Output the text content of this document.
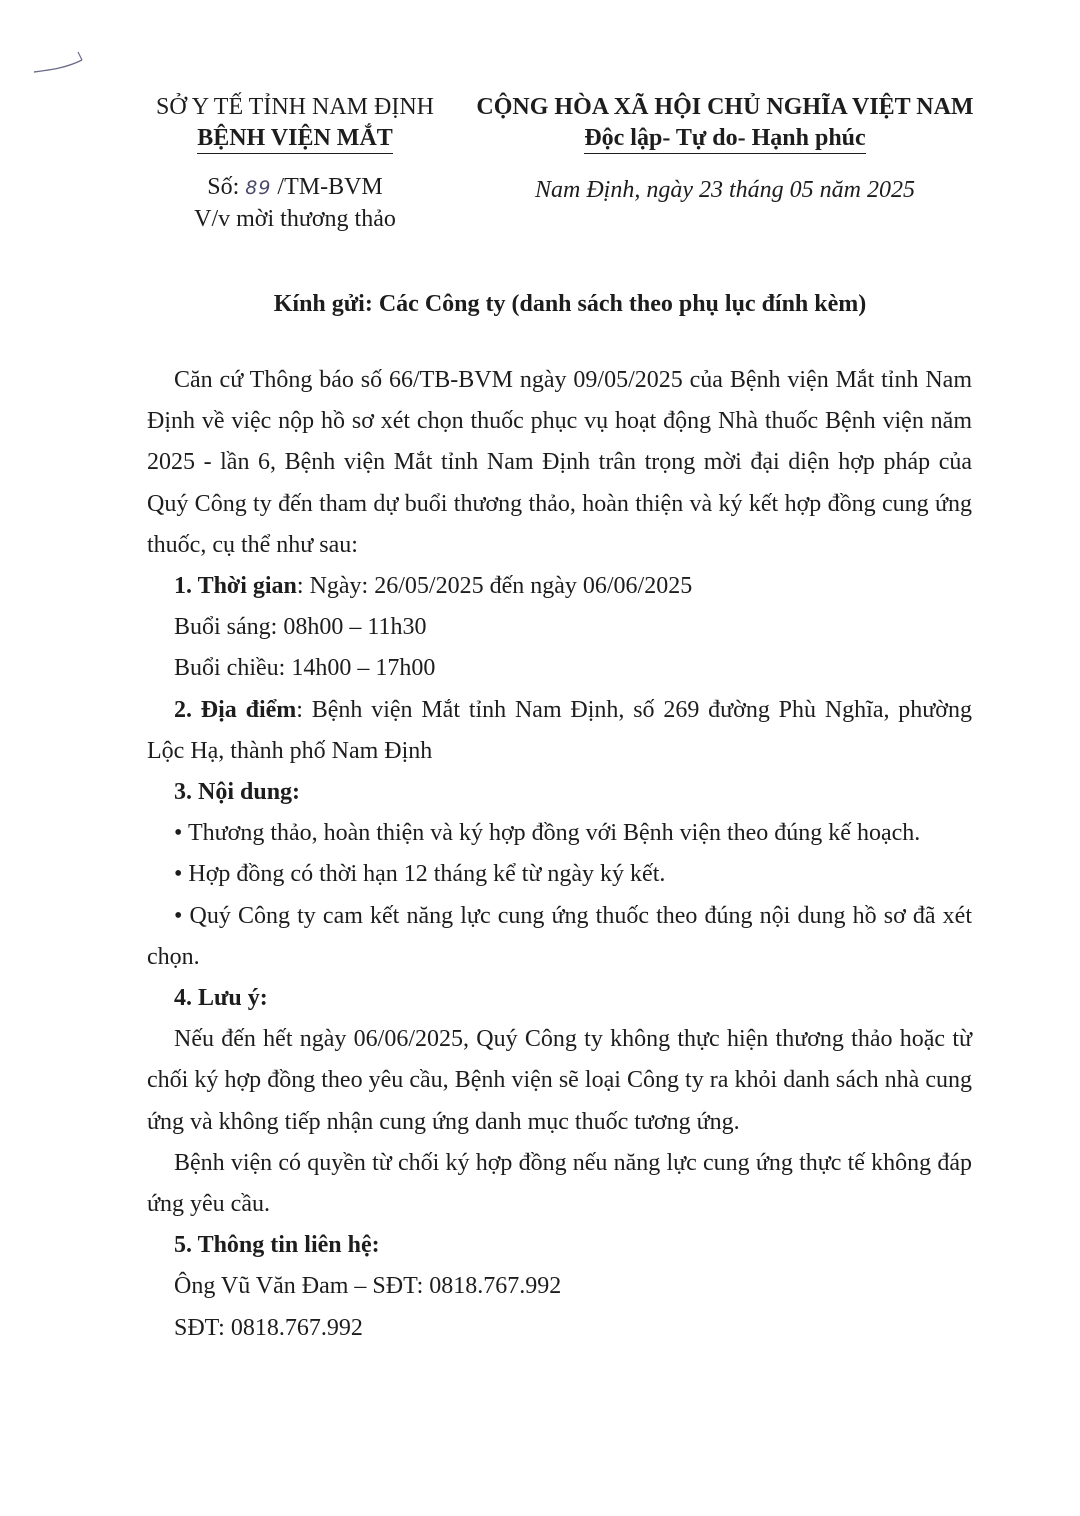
SỞ Y TẾ TỈNH NAM ĐỊNH
BỆNH VIỆN MẮT
CỘNG HÒA XÃ HỘI CHỦ NGHĨA VIỆT NAM
Độc lập- Tự do- Hạnh phúc
Số: 89 /TM-BVM
V/v mời thương thảo
Nam Định, ngày 23 tháng 05 năm 2025
Kính gửi: Các Công ty (danh sách theo phụ lục đính kèm)

Căn cứ Thông báo số 66/TB-BVM ngày 09/05/2025 của Bệnh viện Mắt tỉnh Nam Định về việc nộp hồ sơ xét chọn thuốc phục vụ hoạt động Nhà thuốc Bệnh viện năm 2025 - lần 6, Bệnh viện Mắt tỉnh Nam Định trân trọng mời đại diện hợp pháp của Quý Công ty đến tham dự buổi thương thảo, hoàn thiện và ký kết hợp đồng cung ứng thuốc, cụ thể như sau:

1. Thời gian: Ngày: 26/05/2025 đến ngày 06/06/2025

Buổi sáng: 08h00 – 11h30

Buổi chiều: 14h00 – 17h00

2. Địa điểm: Bệnh viện Mắt tỉnh Nam Định, số 269 đường Phù Nghĩa, phường Lộc Hạ, thành phố Nam Định

3. Nội dung:

• Thương thảo, hoàn thiện và ký hợp đồng với Bệnh viện theo đúng kế hoạch.

• Hợp đồng có thời hạn 12 tháng kể từ ngày ký kết.

• Quý Công ty cam kết năng lực cung ứng thuốc theo đúng nội dung hồ sơ đã xét chọn.

4. Lưu ý:

Nếu đến hết ngày 06/06/2025, Quý Công ty không thực hiện thương thảo hoặc từ chối ký hợp đồng theo yêu cầu, Bệnh viện sẽ loại Công ty ra khỏi danh sách nhà cung ứng và không tiếp nhận cung ứng danh mục thuốc tương ứng.

Bệnh viện có quyền từ chối ký hợp đồng nếu năng lực cung ứng thực tế không đáp ứng yêu cầu.

5. Thông tin liên hệ:

Ông Vũ Văn Đam – SĐT: 0818.767.992

SĐT: 0818.767.992
